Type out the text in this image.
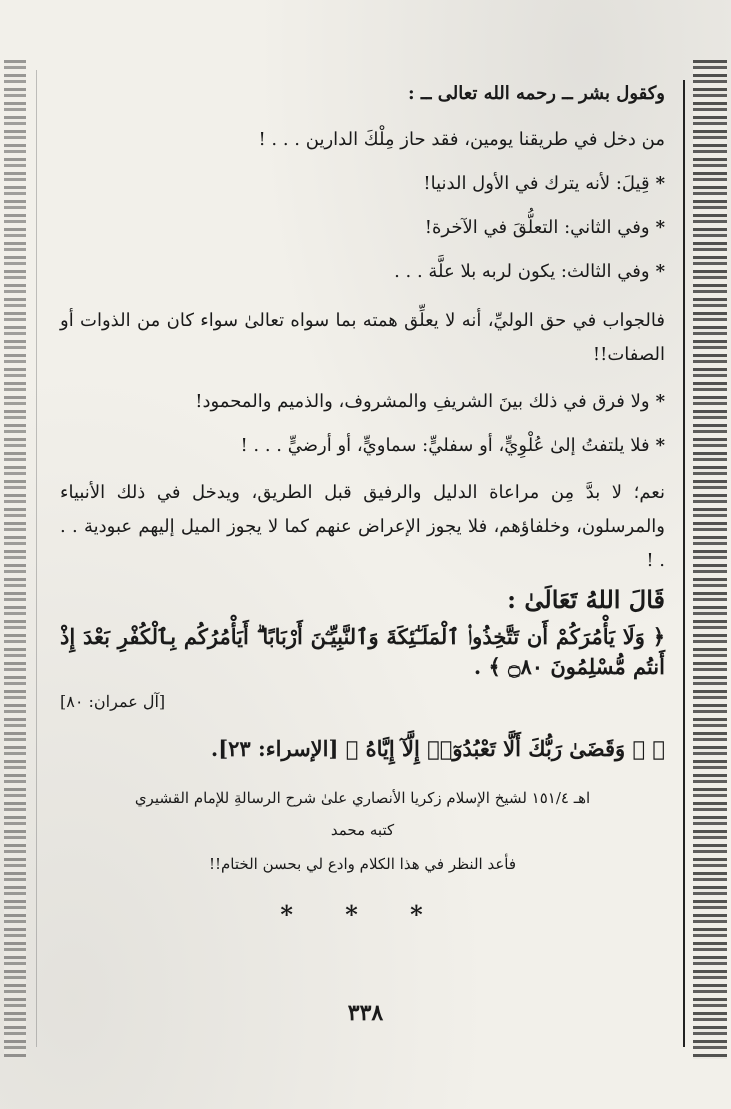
وكقول بشر ــ رحمه الله تعالى ــ :

من دخل في طريقنا يومين، فقد حاز مِلْكَ الدارين . . . !

*قِيلَ: لأنه يترك في الأول الدنيا!

*وفي الثاني: التعلُّقَ في الآخرة!

*وفي الثالث: يكون لربه بلا علَّة . . .

فالجواب في حق الوليِّ، أنه لا يعلِّق همته بما سواه تعالىٰ سواء كان من الذوات أو الصفات!!

*ولا فرق في ذلك بينَ الشريفِ والمشروف، والذميم والمحمود!

*فلا يلتفتُ إلىٰ عُلْوِيٍّ، أو سفليٍّ: سماويٍّ، أو أرضيٍّ . . . !

نعم؛ لا بدَّ مِن مراعاة الدليل والرفيق قبل الطريق، ويدخل في ذلك الأنبياء والمرسلون، وخلفاؤهم، فلا يجوز الإعراض عنهم كما لا يجوز الميل إليهم عبودية . . . !

قَالَ اللهُ تَعَالَىٰ :

﴿ وَلَا يَأْمُرَكُمْ أَن تَتَّخِذُوا۟ ٱلْمَلَـٰٓئِكَةَ وَٱلنَّبِيِّـۧنَ أَرْبَابًا ۗ أَيَأْمُرُكُم بِٱلْكُفْرِ بَعْدَ إِذْ أَنتُم مُّسْلِمُونَ ۝٨٠ ﴾ .

[آل عمران: ٨٠]

﴿ ۞ وَقَضَىٰ رَبُّكَ أَلَّا تَعْبُدُوٓا۟ إِلَّآ إِيَّاهُ ﴾ [الإسراء: ٢٣].

اهـ ١٥١/٤ لشيخ الإسلام زكريا الأنصاري علىٰ شرح الرسالةِ للإمام القشيري

كتبه محمد

فأعد النظر في هذا الكلام وادع لي بحسن الختام!!

* * *

٣٣٨
